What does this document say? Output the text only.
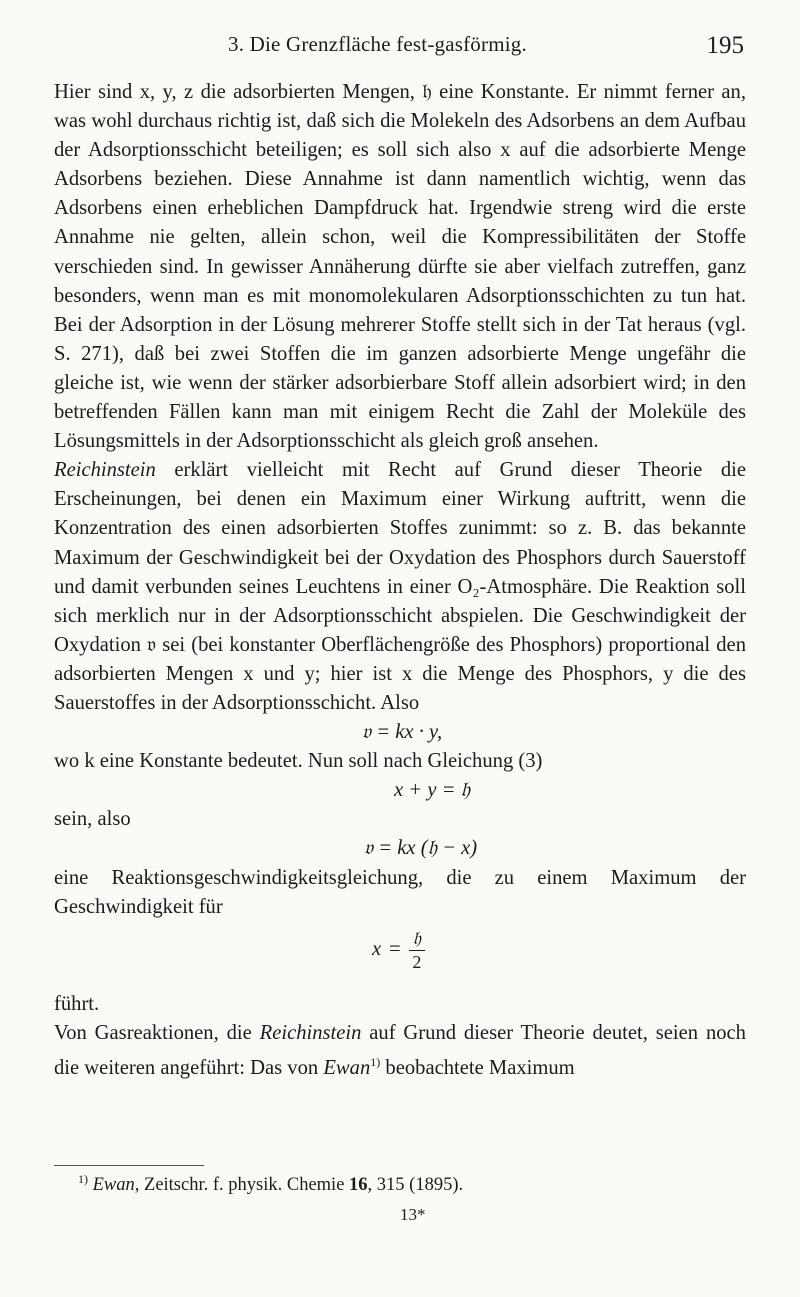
3. Die Grenzfläche fest-gasförmig.	195

Hier sind x, y, z die adsorbierten Mengen, 𝔥 eine Konstante. Er nimmt ferner an, was wohl durchaus richtig ist, daß sich die Molekeln des Adsorbens an dem Aufbau der Adsorptionsschicht beteiligen; es soll sich also x auf die adsorbierte Menge Adsorbens beziehen. Diese Annahme ist dann namentlich wichtig, wenn das Adsorbens einen erheblichen Dampfdruck hat. Irgendwie streng wird die erste Annahme nie gelten, allein schon, weil die Kompressibilitäten der Stoffe verschieden sind. In gewisser Annäherung dürfte sie aber vielfach zutreffen, ganz besonders, wenn man es mit monomolekularen Adsorptionsschichten zu tun hat. Bei der Adsorption in der Lösung mehrerer Stoffe stellt sich in der Tat heraus (vgl. S. 271), daß bei zwei Stoffen die im ganzen adsorbierte Menge ungefähr die gleiche ist, wie wenn der stärker adsorbierbare Stoff allein adsorbiert wird; in den betreffenden Fällen kann man mit einigem Recht die Zahl der Moleküle des Lösungsmittels in der Adsorptionsschicht als gleich groß ansehen.

Reichinstein erklärt vielleicht mit Recht auf Grund dieser Theorie die Erscheinungen, bei denen ein Maximum einer Wirkung auftritt, wenn die Konzentration des einen adsorbierten Stoffes zunimmt: so z. B. das bekannte Maximum der Geschwindigkeit bei der Oxydation des Phosphors durch Sauerstoff und damit verbunden seines Leuchtens in einer O₂-Atmosphäre. Die Reaktion soll sich merklich nur in der Adsorptionsschicht abspielen. Die Geschwindigkeit der Oxydation 𝔳 sei (bei konstanter Oberflächengröße des Phosphors) proportional den adsorbierten Mengen x und y; hier ist x die Menge des Phosphors, y die des Sauerstoffes in der Adsorptionsschicht. Also

𝔳 = kx · y,

wo k eine Konstante bedeutet. Nun soll nach Gleichung (3)

x + y = 𝔥
sein, also
𝔳 = kx (𝔥 − x)

eine Reaktionsgeschwindigkeitsgleichung, die zu einem Maximum der Geschwindigkeit für

$x = \frac{\text{𝔥}}{2}$

führt.

Von Gasreaktionen, die Reichinstein auf Grund dieser Theorie deutet, seien noch die weiteren angeführt: Das von Ewan$^{1)}$ beobachtete Maximum

$^{1)}$ Ewan, Zeitschr. f. physik. Chemie 16, 315 (1895).
13*
